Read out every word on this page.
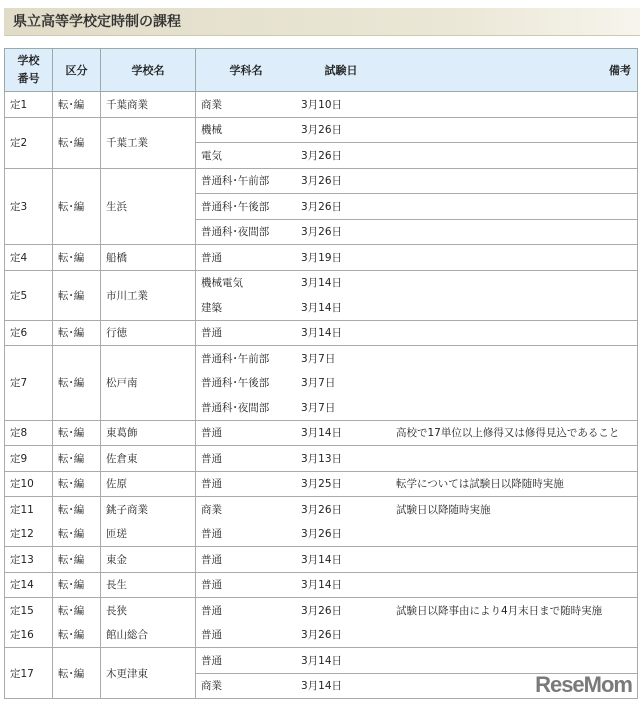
県立高等学校定時制の課程
学校
番号	区分	学校名	学科名 試験日 備考		
定1	転･編	千葉商業	商業	3月10日	
定2	転･編	千葉工業	機械	3月26日	
			電気	3月26日	
定3	転･編	生浜	普通科･午前部	3月26日	
			普通科･午後部	3月26日	
			普通科･夜間部	3月26日	
定4	転･編	船橋	普通	3月19日	
定5	転･編	市川工業	機械電気	3月14日	
			建築	3月14日	
定6	転･編	行徳	普通	3月14日	
定7	転･編	松戸南	普通科･午前部	3月7日	
			普通科･午後部	3月7日	
			普通科･夜間部	3月7日	
定8	転･編	東葛飾	普通	3月14日	高校で17単位以上修得又は修得見込であること
定9	転･編	佐倉東	普通	3月13日	
定10	転･編	佐原	普通	3月25日	転学については試験日以降随時実施
定11	転･編	銚子商業	商業	3月26日	試験日以降随時実施
定12	転･編	匝瑳	普通	3月26日	
定13	転･編	東金	普通	3月14日	
定14	転･編	長生	普通	3月14日	
定15	転･編	長狭	普通	3月26日	試験日以降事由により4月末日まで随時実施
定16	転･編	館山総合	普通	3月26日	
定17	転･編	木更津東	普通	3月14日	
			商業	3月14日		ReseMom
